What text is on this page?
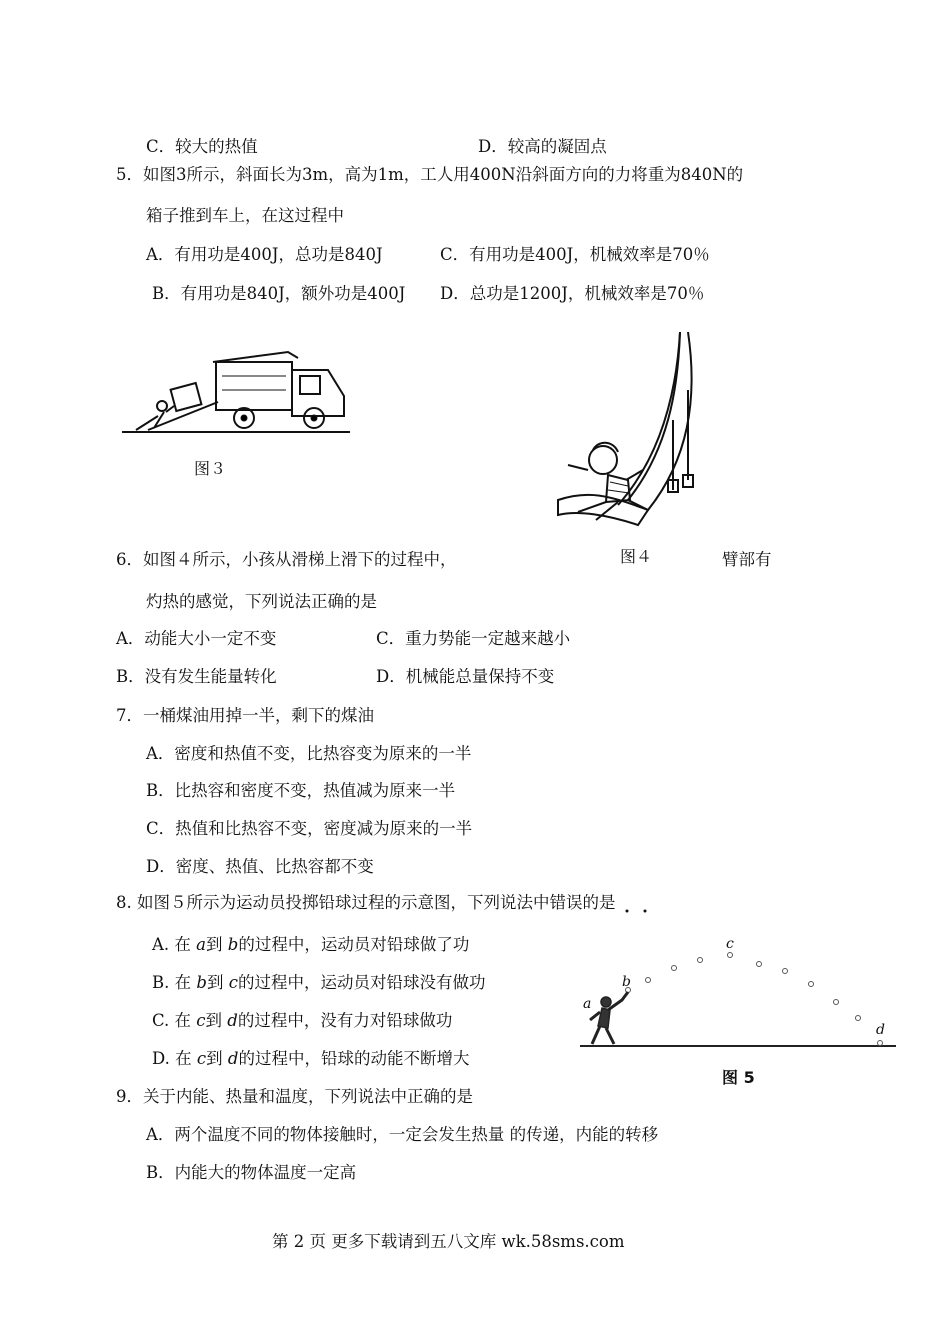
C．较大的热值	D．较高的凝固点
5．如图3所示，斜面长为3m，高为1m，工人用400N沿斜面方向的力将重为840N的
箱子推到车上，在这过程中
A．有用功是400J，总功是840J	C．有用功是400J，机械效率是70％
B．有用功是840J，额外功是400J D．总功是1200J，机械效率是70％
图３
图４
6．如图４所示，小孩从滑梯上滑下的过程中，	臂部有
灼热的感觉，下列说法正确的是
A．动能大小一定不变	C．重力势能一定越来越小
B．没有发生能量转化	D．机械能总量保持不变
7．一桶煤油用掉一半，剩下的煤油
A．密度和热值不变，比热容变为原来的一半
B．比热容和密度不变，热值减为原来一半
C．热值和比热容不变，密度减为原来的一半
D．密度、热值、比热容都不变
8. 如图５所示为运动员投掷铅球过程的示意图，下列说法中错误的是
A. 在 a到 b的过程中，运动员对铅球做了功
B. 在 b到 c的过程中，运动员对铅球没有做功
C. 在 c到 d的过程中，没有力对铅球做功
D. 在 c到 d的过程中，铅球的动能不断增大
a
b
c
d
图 5
9．关于内能、热量和温度，下列说法中正确的是
A．两个温度不同的物体接触时，一定会发生热量 的传递，内能的转移
B．内能大的物体温度一定高
第 2 页 更多下载请到五八文库 wk.58sms.com
